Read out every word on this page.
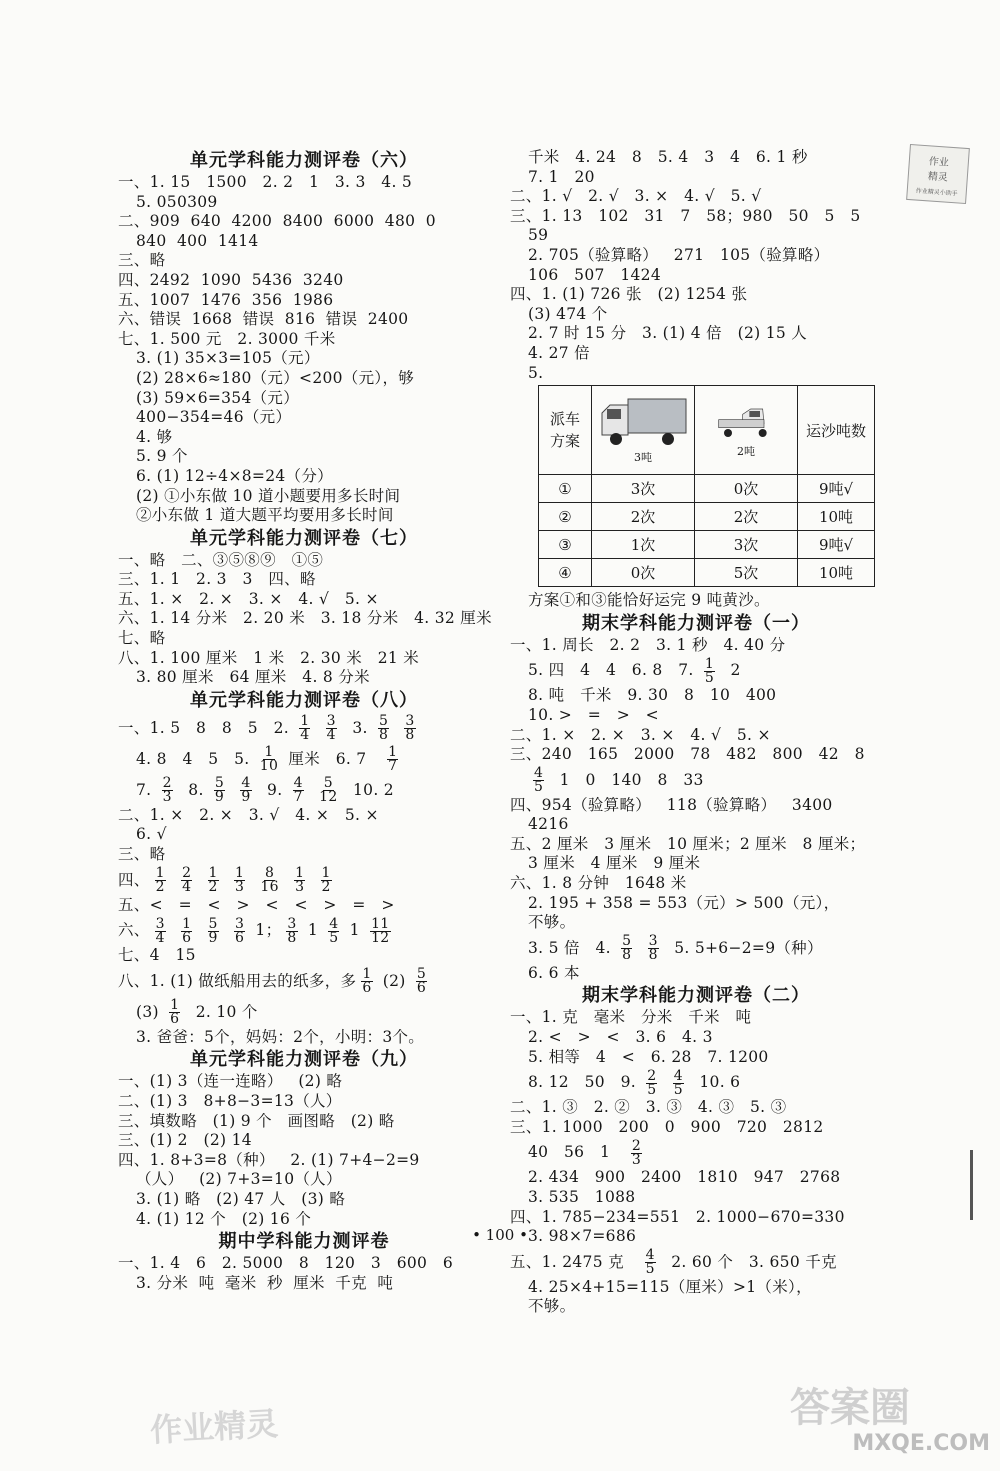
作业
精灵
作业精灵小助手
单元学科能力测评卷（六）
一、1. 15   1500   2. 2   1   3. 3   4. 5
5. 050309
二、909  640  4200  8400  6000  480  0
840  400  1414
三、略
四、2492  1090  5436  3240
五、1007  1476  356  1986
六、错误  1668  错误  816  错误  2400
七、1. 500 元   2. 3000 千米
3. (1) 35×3=105（元）
(2) 28×6≈180（元）<200（元），够
(3) 59×6=354（元）
400−354=46（元）
4. 够
5. 9 个
6. (1) 12÷4×8=24（分）
(2) ①小东做 10 道小题要用多长时间
②小东做 1 道大题平均要用多长时间
单元学科能力测评卷（七）
一、略   二、③⑤⑧⑨   ①⑤
三、1. 1   2. 3   3   四、略
五、1. ×   2. ×   3. ×   4. √   5. ×
六、1. 14 分米   2. 20 米   3. 18 分米   4. 32 厘米
七、略
八、1. 100 厘米   1 米   2. 30 米   21 米
3. 80 厘米   64 厘米   4. 8 分米
单元学科能力测评卷（八）
一、1. 5   8   8   5   2. $\frac{1}{4}$
$\frac{3}{4} 3$. $\frac{5}{8}$
$\frac{3}{8}$
4. 8   4   5   5. $\frac{1}{10}$ 厘米   6. $7 \frac{1}{7}$
7. $\frac{2}{3} 8$. $\frac{5}{9}$
$\frac{4}{9} 9$. $\frac{4}{7}$
$\frac{5}{12} 10$. 2
二、1. ×   2. ×   3. √   4. ×   5. ×
6. √
三、略
四、 $\frac{1}{2}$
$\frac{2}{4}$
$\frac{1}{2}$
$\frac{1}{3}$
$\frac{8}{16}$
$\frac{1}{3}$
$\frac{1}{2}$
五、<   =   <   >   <   <   >   =   >
六、 $\frac{3}{4}$
$\frac{1}{6}$
$\frac{5}{9}$
$\frac{3}{6} 1$； $\frac{3}{8} 1 \frac{4}{5} 1 \frac{11}{12}$
七、4   15
八、1. (1) 做纸船用去的纸多，多 $\frac{1}{6} (2) \frac{5}{6}$
$(3) \frac{1}{6} 2$. 10 个
3. 爸爸：5个，妈妈：2个，小明：3个。
单元学科能力测评卷（九）
一、(1) 3（连一连略）   (2) 略
二、(1) 3   8+8−3=13（人）
三、填数略   (1) 9 个   画图略   (2) 略
三、(1) 2   (2) 14
四、1. 8+3=8（种）   2. (1) 7+4−2=9
（人）   (2) 7+3=10（人）
3. (1) 略   (2) 47 人   (3) 略
4. (1) 12 个   (2) 16 个
期中学科能力测评卷
一、1. 4   6   2. 5000   8   120   3   600   6
3. 分米  吨  毫米  秒  厘米  千克  吨
千米   4. 24   8   5. 4   3   4   6. 1 秒
7. 1   20
二、1. √   2. √   3. ×   4. √   5. √
三、1. 13   102   31   7   58；980   50   5   5
59
2. 705（验算略）   271   105（验算略）
106   507   1424
四、1. (1) 726 张   (2) 1254 张
(3) 474 个
2. 7 时 15 分   3. (1) 4 倍   (2) 15 人
4. 27 倍
5.
派车方案	3吨	2吨	运沙吨数
①	3次	0次	9吨√
②	2次	2次	10吨
③	1次	3次	9吨√
④	0次	5次	10吨
方案①和③能恰好运完 9 吨黄沙。
期末学科能力测评卷（一）
一、1. 周长   2. 2   3. 1 秒   4. 40 分
5. 四   4   4   6. 8   7. $\frac{1}{5} 2$
8. 吨   千米   9. 30   8   10   400
10. >   =   >   <
二、1. ×   2. ×   3. ×   4. √   5. ×
三、240   165   2000   78   482   800   42   8
$\frac{4}{5} 1$   0   140   8   33
四、954（验算略）   118（验算略）   3400
4216
五、2 厘米   3 厘米   10 厘米；2 厘米   8 厘米；
3 厘米   4 厘米   9 厘米
六、1. 8 分钟   1648 米
2. 195 + 358 = 553（元）> 500（元），
不够。
3. 5 倍   4. $\frac{5}{8}$
$\frac{3}{8} 5$. 5+6−2=9（种）
6. 6 本
期末学科能力测评卷（二）
一、1. 克   毫米   分米   千米   吨
2. <   >   <   3. 6   4. 3
5. 相等   4   <   6. 28   7. 1200
8. 12   50   9. $\frac{2}{5}$
$\frac{4}{5} 10$. 6
二、1. ③   2. ②   3. ③   4. ③   5. ③
三、1. 1000   200   0   900   720   2812
40   56   $1 \frac{2}{3}$
2. 434   900   2400   1810   947   2768
3. 535   1088
四、1. 785−234=551   2. 1000−670=330
3. 98×7=686
五、1. 2475 克 $\frac{4}{5} 2$. 60 个   3. 650 千克
4. 25×4+15=115（厘米）>1（米），
不够。
• 100 •
作业精灵	答案圈
MXQE.COM
